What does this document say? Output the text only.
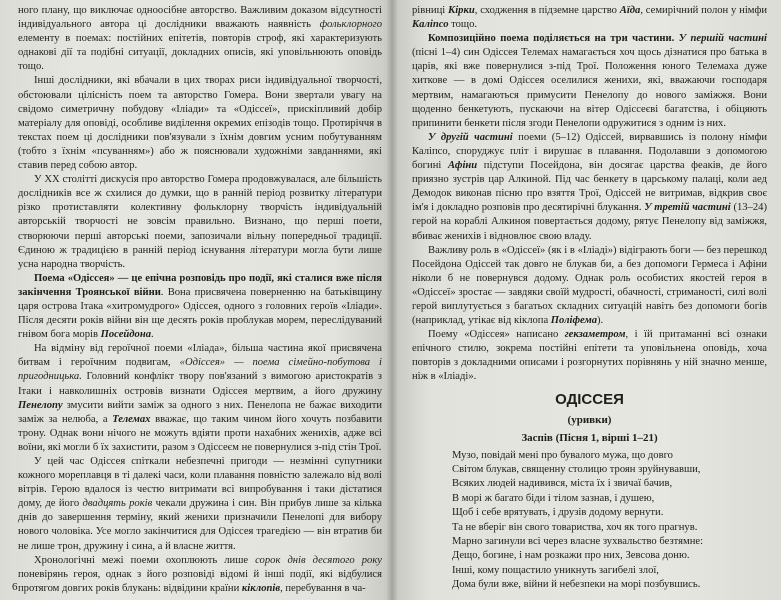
ного плану, що виключає одноосібне авторство. Важливим доказом відсутності індивідуального автора ці дослідники вважають наявність фольклорного елементу в поемах: постійних епітетів, повторів строф, які характеризують однакові дії та подібні ситуації, докладних описів, які уповільнюють оповідь тощо.

Інші дослідники, які вбачали в цих творах риси індивідуальної творчості, обстоювали цілісність поем та авторство Гомера. Вони звертали увагу на свідомо симетричну побудову «Іліади» та «Одіссеї», прискіпливий добір матеріалу для оповіді, особливе виділення окремих епізодів тощо. Протиріччя в текстах поем ці дослідники пов'язували з їхнім довгим усним побутуванням (тобто з їхнім «псуванням») або ж пояснювали художніми завданнями, які ставив перед собою автор.

У XX столітті дискусія про авторство Гомера продовжувалася, але більшість дослідників все ж схилися до думки, що в ранній період розвитку літератури різко протиставляти колективну фольклорну творчість індивідуальній авторській творчості не зовсім правильно. Визнано, що перші поети, створюючи перші авторські поеми, запозичали вільну попередньої традиції. Єдиною ж традицією в ранній період існування літератури могла бути лише усна народна творчість.

Поема «Одіссея» — це епічна розповідь про події, які сталися вже після закінчення Троянської війни. Вона присвячена поверненню на батьківщину царя острова Ітака «хитромудрого» Одіссея, одного з головних героїв «Іліади». Після десяти років війни він ще десять років проблукав морем, переслідуваний гнівом бога морів Посейдона.

На відміну від героїчної поеми «Іліада», більша частина якої присвячена битвам і героїчним подвигам, «Одіссея» — поема сімейно-побутова і пригодницька. Головний конфлікт твору пов'язаний з вимогою аристократів з Ітаки і навколишніх островів визнати Одіссея мертвим, а його дружину Пенелопу змусити вийти заміж за одного з них. Пенелопа не бажає виходити заміж за нелюба, а Телемах вважає, що таким чином його хочуть позбавити трону. Однак вони нічого не можуть вдіяти проти нахабних женихів, адже всі воїни, які могли б їх захистити, разом з Одіссеєм не повернулися з-під стін Трої.

У цей час Одіссея спіткали небезпечні пригоди — незмінні супутники кожного мореплавця в ті далекі часи, коли плавання повністю залежало від волі вітрів. Герою вдалося із честю витримати всі випробування і таки дістатися дому, де його двадцять років чекали дружина і син. Він прибув лише за кілька днів до завершення терміну, який женихи призначили Пенелопі для вибору нового чоловіка. Усе могло закінчитися для Одіссея трагедією — він втратив би не лише трон, дружину і сина, а й власне життя.

Хронологічні межі поеми охоплюють лише сорок днів десятого року поневірянь героя, однак з його розповіді відомі й інші події, які відбулися протягом довгих років блукань: відвідини країни кіклопів, перебування в ча-

6

рівниці Кірки, сходження в підземне царство Аїда, семирічний полон у німфи Каліпсо тощо.

Композиційно поема поділяється на три частини. У першій частині (пісні 1–4) син Одіссея Телемах намагається хоч щось дізнатися про батька в царів, які вже повернулися з-під Трої. Положення юного Телемаха дуже хиткове — в домі Одіссея оселилися женихи, які, вважаючи господаря мертвим, намагаються примусити Пенелопу до нового заміжжя. Вони щоденно бенкетують, пускаючи на вітер Одіссеєві багатства, і обіцяють припинити бенкети після згоди Пенелопи одружитися з одним із них.

У другій частині поеми (5–12) Одіссей, вирвавшись із полону німфи Каліпсо, споруджує пліт і вирушає в плавання. Подолавши з допомогою богині Афіни підступи Посейдона, він досягає царства феаків, де його приязно зустрів цар Алкиной. Під час бенкету в царському палаці, коли аед Демодок виконав пісню про взяття Трої, Одіссей не витримав, відкрив своє ім'я і докладно розповів про десятирічні блукання. У третій частині (13–24) герой на кораблі Алкиноя повертається додому, рятує Пенелопу від заміжжя, вбиває женихів і відновлює свою владу.

Важливу роль в «Одіссеї» (як і в «Іліаді») відіграють боги — без перешкод Посейдона Одіссей так довго не блукав би, а без допомоги Гермеса і Афіни ніколи б не повернувся додому. Однак роль особистих якостей героя в «Одіссеї» зростає — завдяки своїй мудрості, обачності, стриманості, силі волі герой виплутується з багатьох складних ситуацій навіть без допомоги богів (наприклад, утікає від кіклопа Поліфема).

Поему «Одіссея» написано гекзаметром, і їй притаманні всі ознаки епічного стилю, зокрема постійні епітети та уповільнена оповідь, хоча повторів з докладними описами і розгорнутих порівнянь у ній значно менше, ніж в «Іліаді».

ОДІССЕЯ
(уривки)
Заспів (Пісня 1, вірші 1–21)
Музо, повідай мені про бувалого мужа, що довго
Світом блукав, священну столицю троян зруйнувавши,
Всяких людей надивився, міста їх і звичаї бачив,
В морі ж багато біди і тілом зазнав, і душею,
Щоб і себе врятувать, і друзів додому вернути.
Та не вберіг він свого товариства, хоч як того прагнув.
Марно загинули всі через власне зухвальство безтямне:
Дещо, богине, і нам розкажи про них, Зевсова доню.
Інші, кому пощастило уникнуть загибелі злої,
Дома були вже, війни й небезпеки на морі позбувшись.
